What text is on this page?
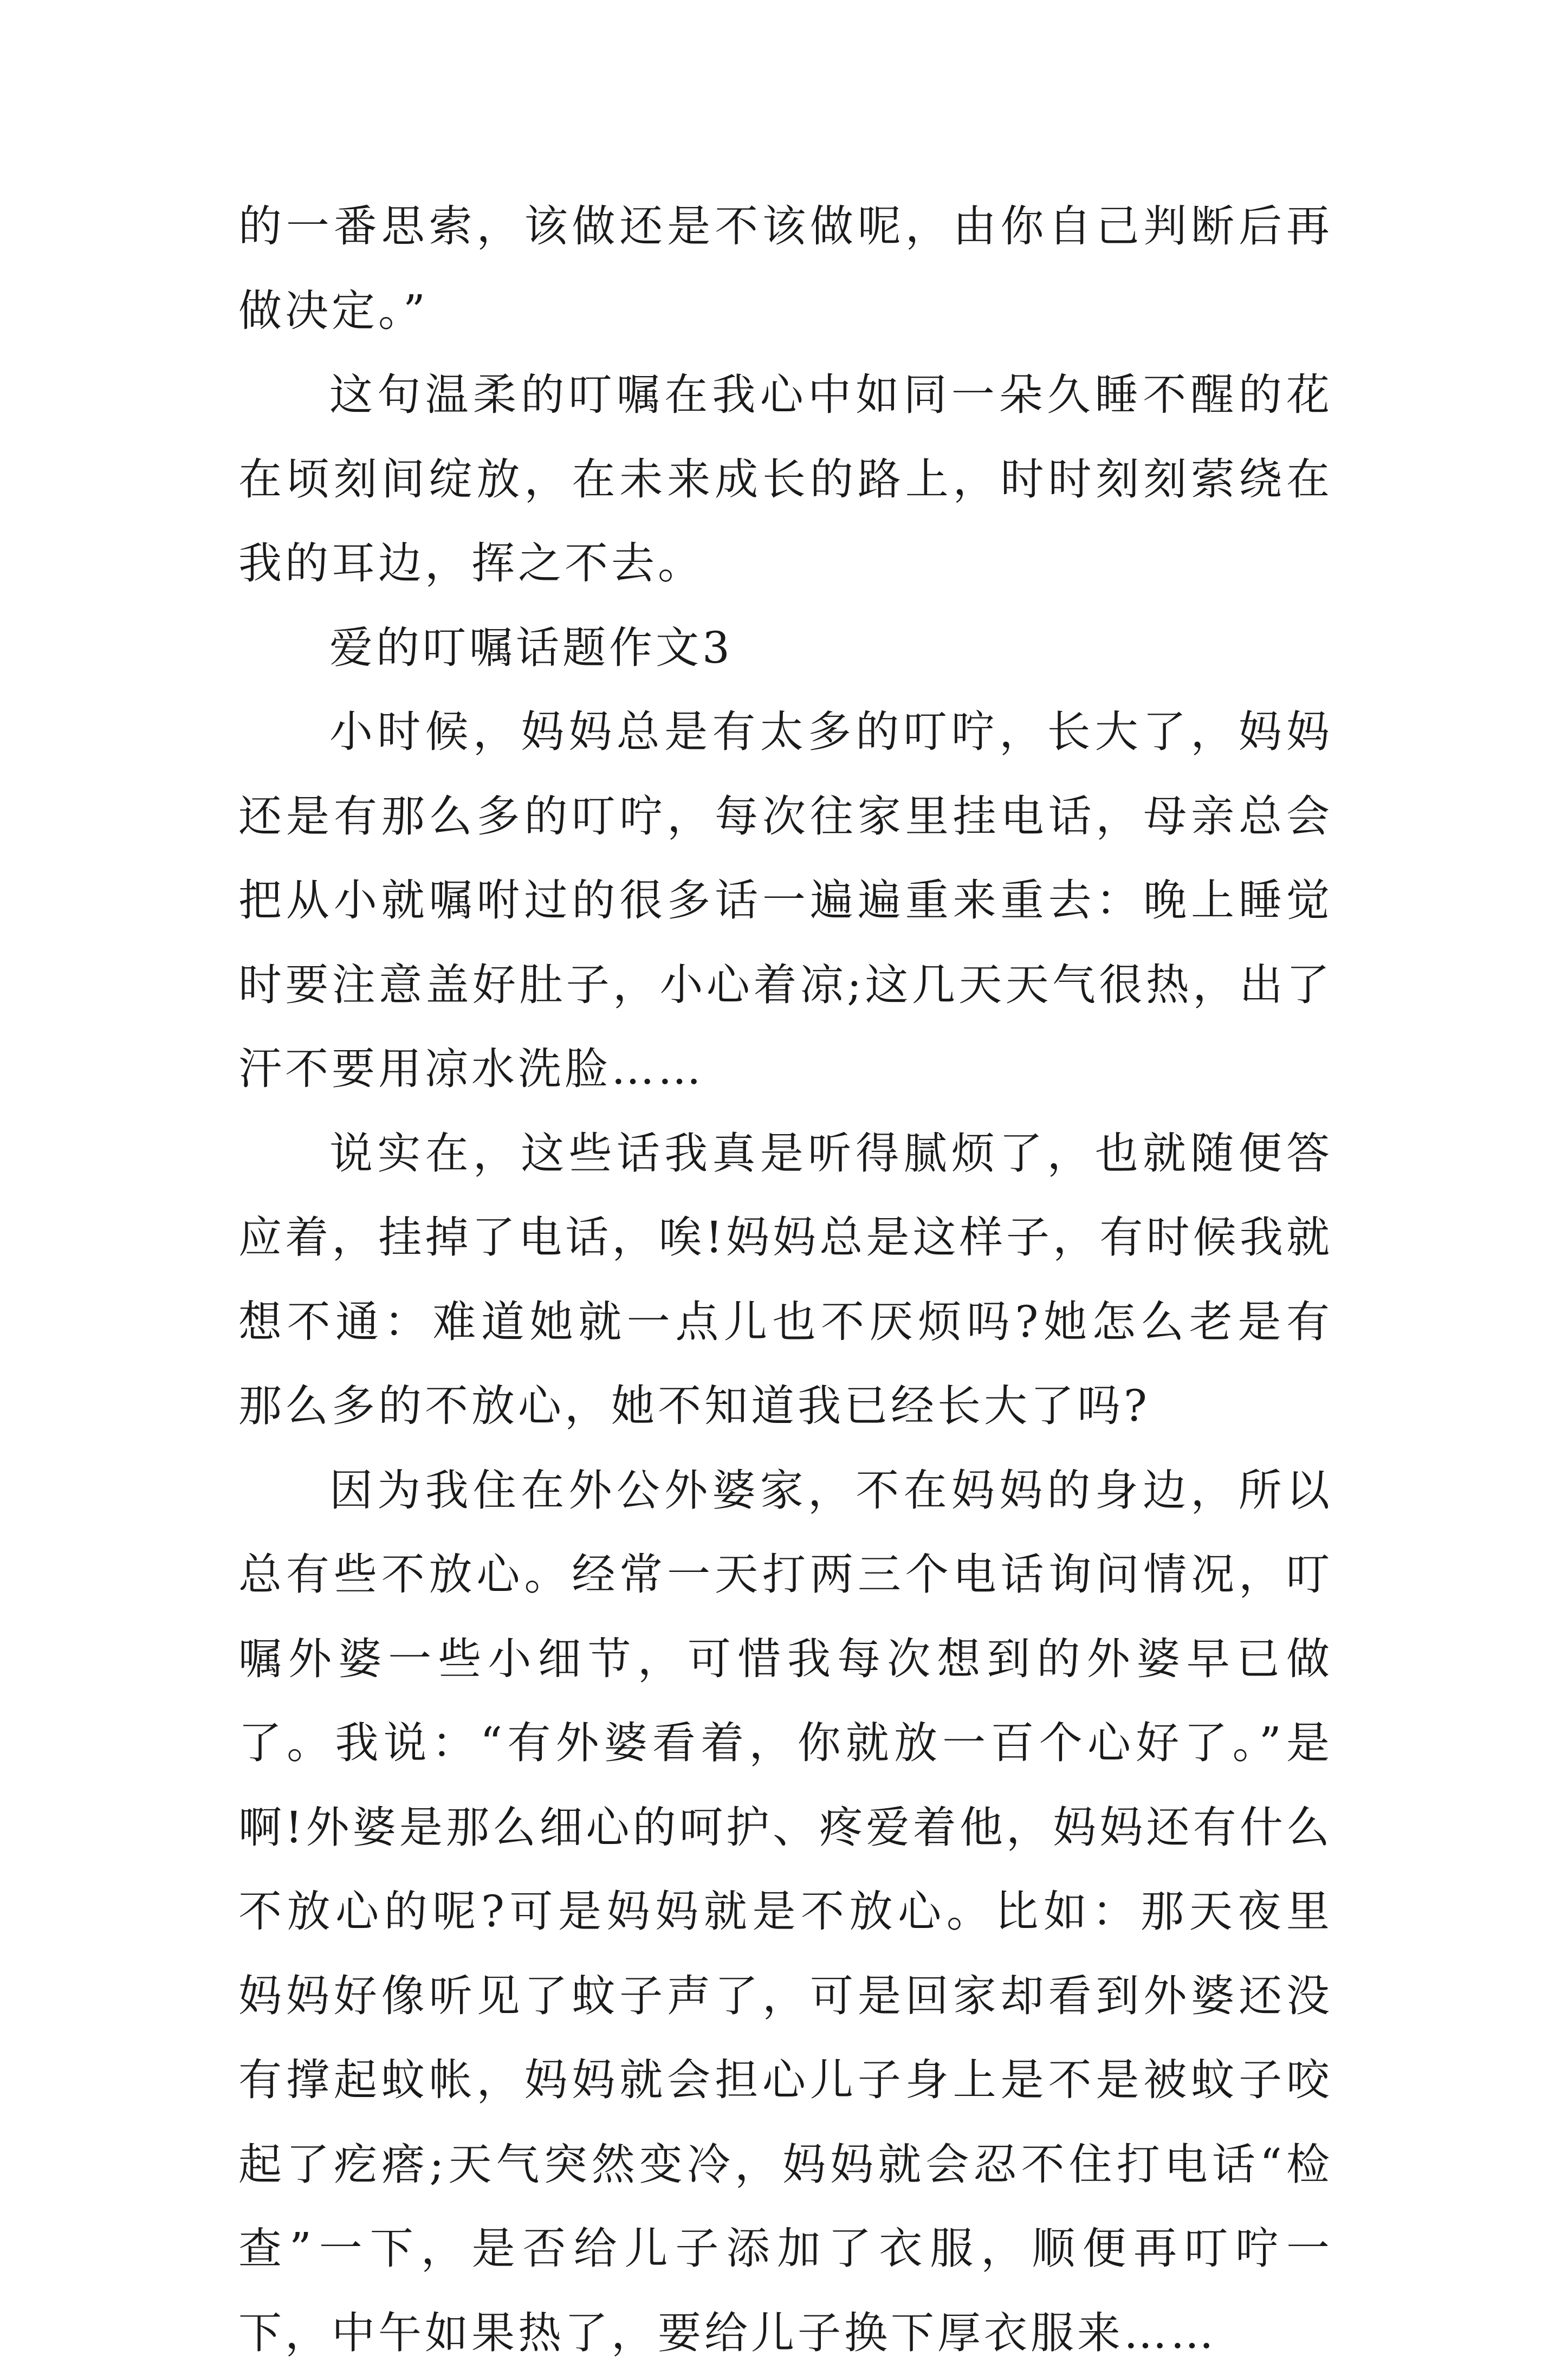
的一番思索，该做还是不该做呢，由你自己判断后再做决定。”

这句温柔的叮嘱在我心中如同一朵久睡不醒的花在顷刻间绽放，在未来成长的路上，时时刻刻萦绕在我的耳边，挥之不去。

爱的叮嘱话题作文3

小时候，妈妈总是有太多的叮咛，长大了，妈妈还是有那么多的叮咛，每次往家里挂电话，母亲总会把从小就嘱咐过的很多话一遍遍重来重去：晚上睡觉时要注意盖好肚子，小心着凉;这几天天气很热，出了汗不要用凉水洗脸……

说实在，这些话我真是听得腻烦了，也就随便答应着，挂掉了电话，唉!妈妈总是这样子，有时候我就想不通：难道她就一点儿也不厌烦吗?她怎么老是有那么多的不放心，她不知道我已经长大了吗?

因为我住在外公外婆家，不在妈妈的身边，所以总有些不放心。经常一天打两三个电话询问情况，叮嘱外婆一些小细节，可惜我每次想到的外婆早已做了。我说：“有外婆看着，你就放一百个心好了。”是啊!外婆是那么细心的呵护、疼爱着他，妈妈还有什么不放心的呢?可是妈妈就是不放心。比如：那天夜里妈妈好像听见了蚊子声了，可是回家却看到外婆还没有撑起蚊帐，妈妈就会担心儿子身上是不是被蚊子咬起了疙瘩;天气突然变冷，妈妈就会忍不住打电话“检查”一下，是否给儿子添加了衣服，顺便再叮咛一下，中午如果热了，要给儿子换下厚衣服来……
